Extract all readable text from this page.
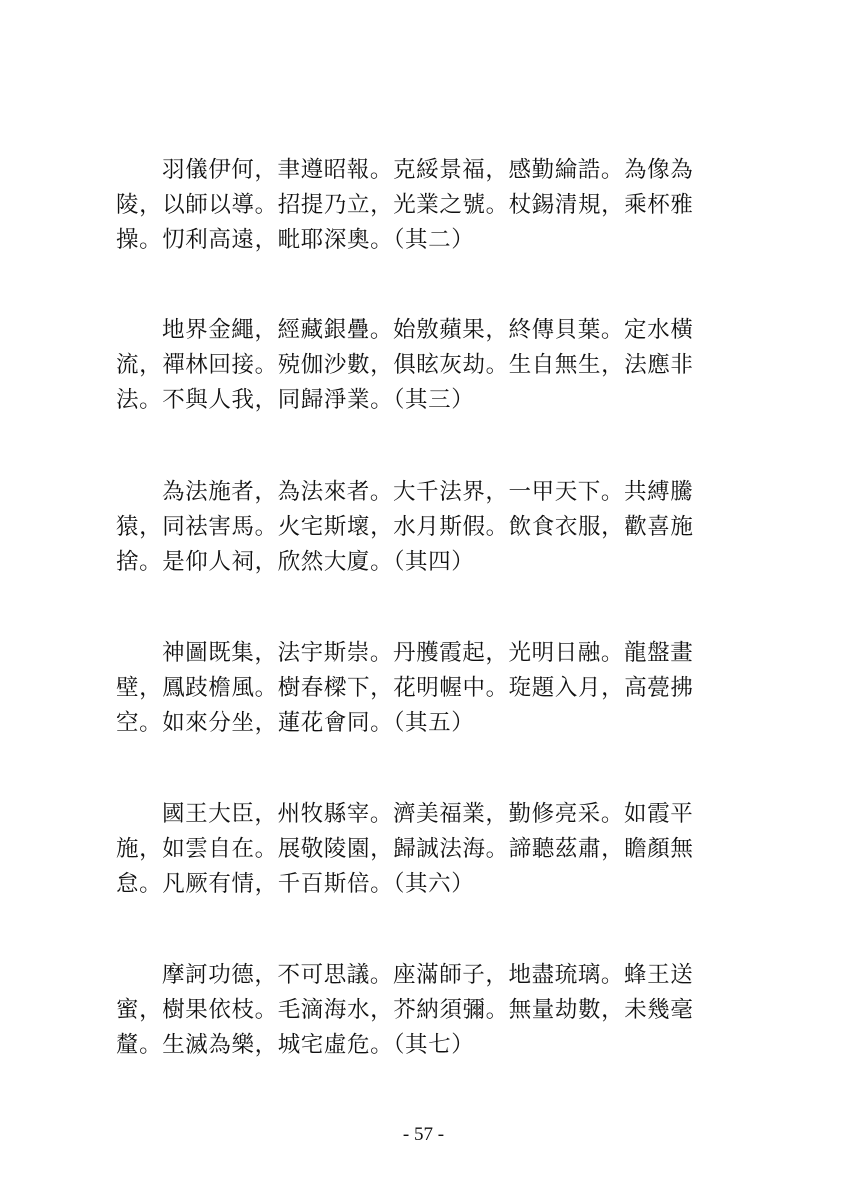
羽儀伊何，聿遵昭報。克綏景福，感勤綸誥。為像為
陵，以師以導。招提乃立，光業之號。杖錫清規，乘杯雅
操。忉利高遠，毗耶深奧。（其二）
地界金繩，經藏銀疊。始敫蘋果，終傳貝葉。定水橫
流，禪林回接。殑伽沙數，俱眩灰劫。生自無生，法應非
法。不與人我，同歸淨業。（其三）
為法施者，為法來者。大千法界，一甲天下。共縛騰
猿，同祛害馬。火宅斯壞，水月斯假。飲食衣服，歡喜施
捨。是仰人祠，欣然大廈。（其四）
神圖既集，法宇斯崇。丹雘霞起，光明日融。龍盤畫
壁，鳳跂檐風。樹春樑下，花明幄中。琁題入月，高甍拂
空。如來分坐，蓮花會同。（其五）
國王大臣，州牧縣宰。濟美福業，勤修亮采。如霞平
施，如雲自在。展敬陵園，歸誠法海。諦聽茲肅，瞻顏無
怠。凡厥有情，千百斯倍。（其六）
摩訶功德，不可思議。座滿師子，地盡琉璃。蜂王送
蜜，樹果依枝。毛滴海水，芥納須彌。無量劫數，未幾毫
釐。生滅為樂，城宅虛危。（其七）
- 57 -
